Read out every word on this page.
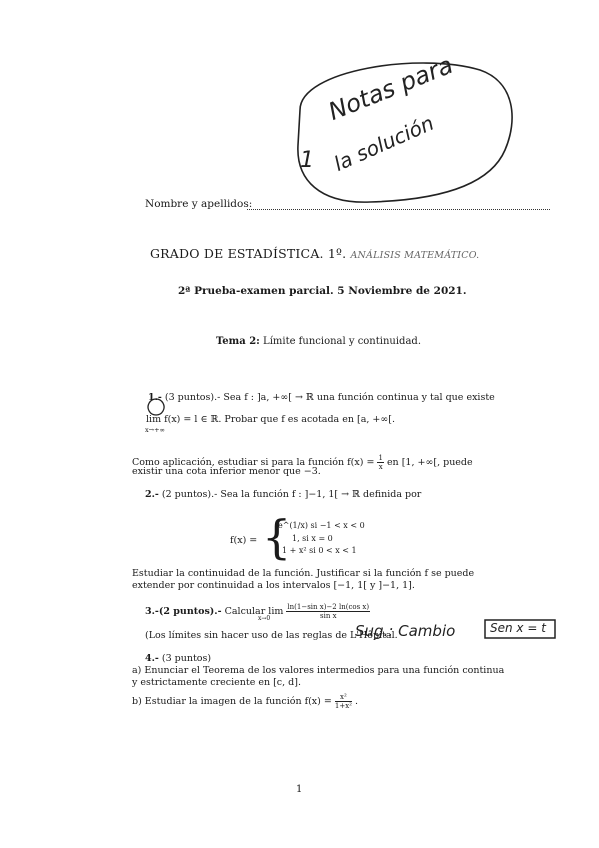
1
Notas para
la solución
Nombre y apellidos:
GRADO DE ESTADÍSTICA. 1º. ANÁLISIS MATEMÁTICO.
2ª Prueba-examen parcial. 5 Noviembre de 2021.
Tema 2: Límite funcional y continuidad.
1.- (3 puntos).- Sea f : ]a, +∞[ → ℝ una función continua y tal que existe
lim f(x) = l ∈ ℝ. Probar que f es acotada en [a, +∞[.
x→+∞
Como aplicación, estudiar si para la función $f(x) = \frac{1}{x}$ en [1, +∞[, puede
existir una cota inferior menor que −3.
2.- (2 puntos).- Sea la función f : ]−1, 1[ → ℝ definida por
f(x) = {
e^(1/x) si −1 < x < 0
1, si x = 0
1 + x² si 0 < x < 1
Estudiar la continuidad de la función. Justificar si la función f se puede
extender por continuidad a los intervalos [−1, 1[ y ]−1, 1].
3.-(2 puntos).- Calcular $\lim \frac{\text{ln(1−sin x)−2 ln(cos x)}}{\text{sin x}}$
x→0
(Los límites sin hacer uso de las reglas de L'Hôpital.
Sug.: Cambio	Sen x = t
4.- (3 puntos)
a) Enunciar el Teorema de los valores intermedios para una función continua
y estrictamente creciente en [c, d].
b) Estudiar la imagen de la función $f(x) = \frac{\text{x²}}{\text{1+x²}}$ .
1
